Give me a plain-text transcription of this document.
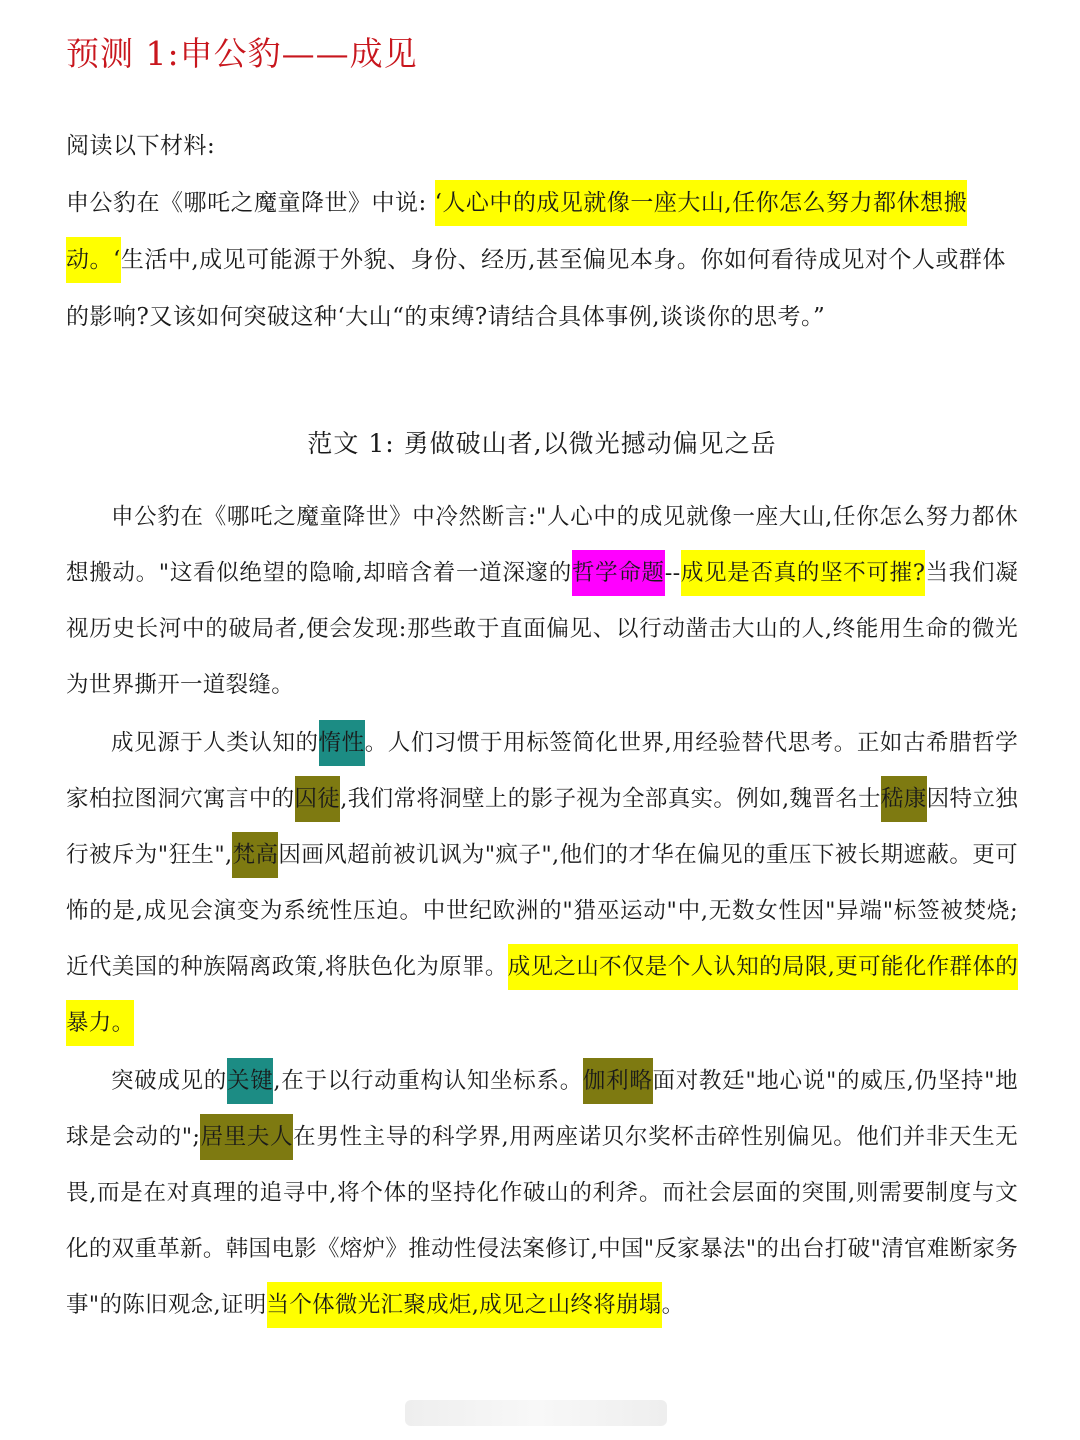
预测 1:申公豹——成见
阅读以下材料:
申公豹在《哪吒之魔童降世》中说: ‘人心中的成见就像一座大山,任你怎么努力都休想搬动。‘生活中,成见可能源于外貌、身份、经历,甚至偏见本身。你如何看待成见对个人或群体的影响?又该如何突破这种‘大山“的束缚?请结合具体事例,谈谈你的思考。”
范文 1: 勇做破山者,以微光撼动偏见之岳

申公豹在《哪吒之魔童降世》中冷然断言:"人心中的成见就像一座大山,任你怎么努力都休想搬动。"这看似绝望的隐喻,却暗含着一道深邃的哲学命题--成见是否真的坚不可摧?当我们凝视历史长河中的破局者,便会发现:那些敢于直面偏见、以行动凿击大山的人,终能用生命的微光为世界撕开一道裂缝。

成见源于人类认知的惰性。人们习惯于用标签简化世界,用经验替代思考。正如古希腊哲学家柏拉图洞穴寓言中的囚徒,我们常将洞壁上的影子视为全部真实。例如,魏晋名士嵇康因特立独行被斥为"狂生",梵高因画风超前被讥讽为"疯子",他们的才华在偏见的重压下被长期遮蔽。更可怖的是,成见会演变为系统性压迫。中世纪欧洲的"猎巫运动"中,无数女性因"异端"标签被焚烧;近代美国的种族隔离政策,将肤色化为原罪。成见之山不仅是个人认知的局限,更可能化作群体的暴力。

突破成见的关键,在于以行动重构认知坐标系。伽利略面对教廷"地心说"的威压,仍坚持"地球是会动的";居里夫人在男性主导的科学界,用两座诺贝尔奖杯击碎性别偏见。他们并非天生无畏,而是在对真理的追寻中,将个体的坚持化作破山的利斧。而社会层面的突围,则需要制度与文化的双重革新。韩国电影《熔炉》推动性侵法案修订,中国"反家暴法"的出台打破"清官难断家务事"的陈旧观念,证明当个体微光汇聚成炬,成见之山终将崩塌。
